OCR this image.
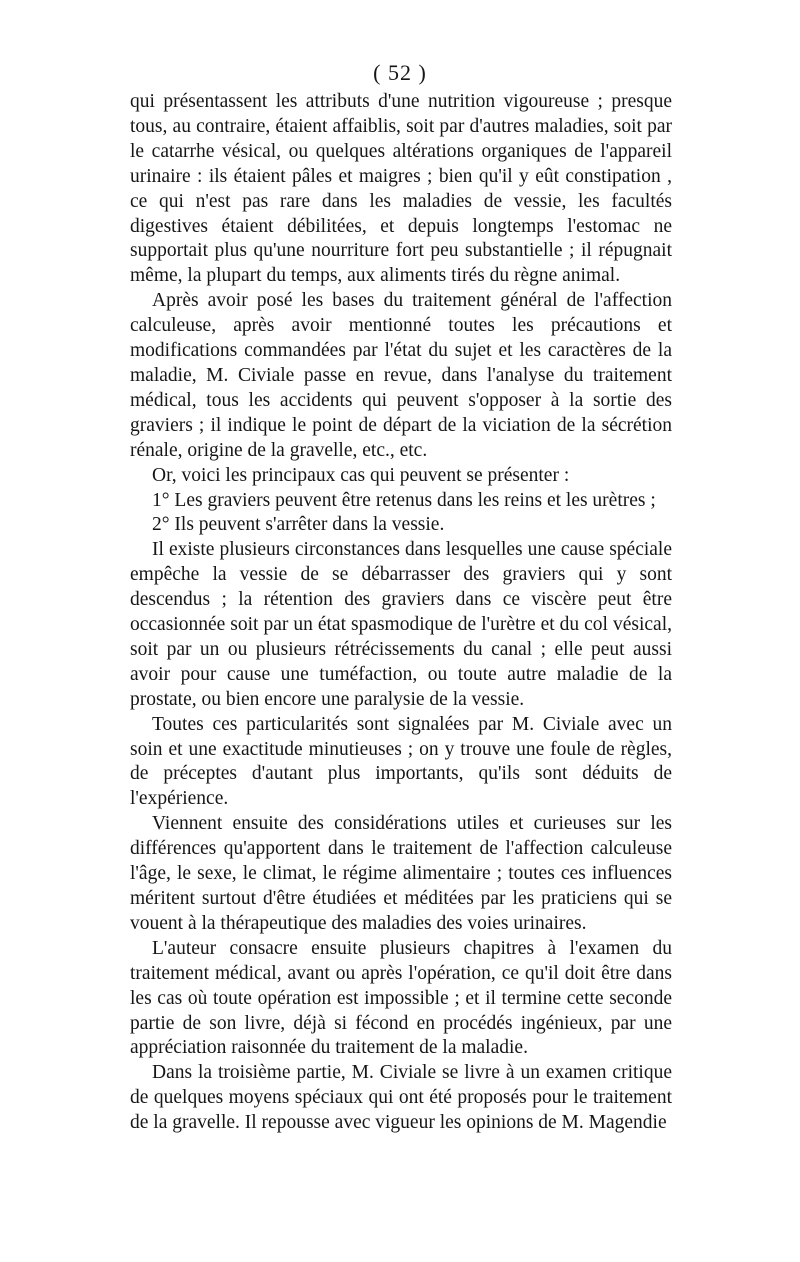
( 52 )

qui présentassent les attributs d'une nutrition vigoureuse ; presque tous, au contraire, étaient affaiblis, soit par d'autres maladies, soit par le catarrhe vésical, ou quelques altérations organiques de l'appareil urinaire : ils étaient pâles et maigres ; bien qu'il y eût constipation , ce qui n'est pas rare dans les maladies de vessie, les facultés digestives étaient débilitées, et depuis longtemps l'estomac ne supportait plus qu'une nourriture fort peu substantielle ; il répugnait même, la plupart du temps, aux aliments tirés du règne animal.

Après avoir posé les bases du traitement général de l'affection calculeuse, après avoir mentionné toutes les précautions et modifications commandées par l'état du sujet et les caractères de la maladie, M. Civiale passe en revue, dans l'analyse du traitement médical, tous les accidents qui peuvent s'opposer à la sortie des graviers ; il indique le point de départ de la viciation de la sécrétion rénale, origine de la gravelle, etc., etc.

Or, voici les principaux cas qui peuvent se présenter :

1° Les graviers peuvent être retenus dans les reins et les urètres ;

2° Ils peuvent s'arrêter dans la vessie.

Il existe plusieurs circonstances dans lesquelles une cause spéciale empêche la vessie de se débarrasser des graviers qui y sont descendus ; la rétention des graviers dans ce viscère peut être occasionnée soit par un état spasmodique de l'urètre et du col vésical, soit par un ou plusieurs rétrécissements du canal ; elle peut aussi avoir pour cause une tuméfaction, ou toute autre maladie de la prostate, ou bien encore une paralysie de la vessie.

Toutes ces particularités sont signalées par M. Civiale avec un soin et une exactitude minutieuses ; on y trouve une foule de règles, de préceptes d'autant plus importants, qu'ils sont déduits de l'expérience.

Viennent ensuite des considérations utiles et curieuses sur les différences qu'apportent dans le traitement de l'affection calculeuse l'âge, le sexe, le climat, le régime alimentaire ; toutes ces influences méritent surtout d'être étudiées et méditées par les praticiens qui se vouent à la thérapeutique des maladies des voies urinaires.

L'auteur consacre ensuite plusieurs chapitres à l'examen du traitement médical, avant ou après l'opération, ce qu'il doit être dans les cas où toute opération est impossible ; et il termine cette seconde partie de son livre, déjà si fécond en procédés ingénieux, par une appréciation raisonnée du traitement de la maladie.

Dans la troisième partie, M. Civiale se livre à un examen critique de quelques moyens spéciaux qui ont été proposés pour le traitement de la gravelle. Il repousse avec vigueur les opinions de M. Magendie
